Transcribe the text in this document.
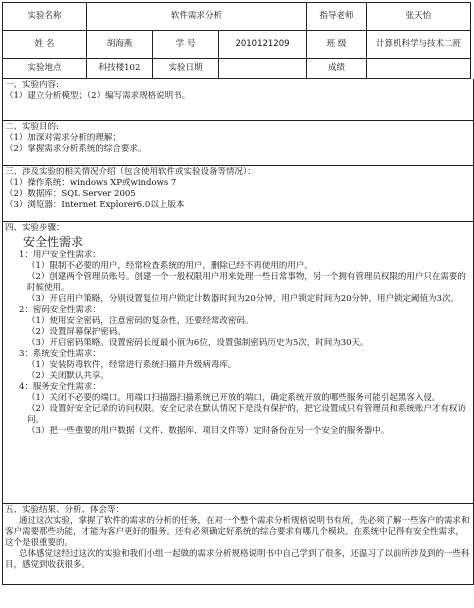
实验名称	软件需求分析			指导老师	张天怡
姓 名	胡海燕	学 号	2010121209	班 级	计算机科学与技术二班
实验地点	科技楼102	实验日期		成绩	
一、实验内容:
（1）建立分析模型；（2）编写需求规格说明书。
二、实验目的:
（1）加深对需求分析的理解；
（2）掌握需求分析系统的综合要求。
三、涉及实验的相关情况介绍（包含使用软件或实验设备等情况）：
（1）操作系统：windows XP或windows 7
（2）数据库：SQL Server 2005
（3）浏览器：Internet Explorer6.0以上版本
四、实验步骤：
安全性需求
1：用户安全性需求：
（1）限制不必要的用户，经常检查系统的用户，删除已经不再使用的用户。
（2）创建两个管理员账号。创建一个一般权限用户用来处理一些日常事物，另一个拥有管理员权限的用户只在需要的时候使用。
（3）开启用户策略，分别设置复位用户锁定计数器时间为20分钟，用户锁定时间为20分钟，用户锁定阈值为3次。
2：密码安全性需求：
（1）使用安全密码，注意密码的复杂性，还要经常改密码。
（2）设置屏幕保护密码。
（3）开启密码策略。设置密码长度最小值为6位，设置强制密码历史为5次，时间为30天。
3：系统安全性需求：
（1）安装防毒软件，经常进行系统扫描并升级病毒库。
（2）关闭默认共享。
4：服务安全性需求：
（1）关闭不必要的端口。用端口扫描器扫描系统已开放的端口，确定系统开放的哪些服务可能引起黑客入侵。
（2）设置好安全记录的访问权限。安全记录在默认情况下是没有保护的，把它设置成只有管理员和系统账户才有权访问。
（3）把一些重要的用户数据（文件、数据库、项目文件等）定时备份在另一个安全的服务器中。
五、实验结果、分析、体会等：
通过这次实验，掌握了软件的需求的分析的任务，在对一个整个需求分析规格说明书有所，先必须了解一些客户的需求和客户需要那些功能，才能为客户更好的服务。还有必须确定好系统的综合要求有哪几个模块。在系统中记得有安全性需求，这个是很重要的。
总体感觉这经过这次的实验和我们小组一起做的需求分析规格说明书中自己学到了很多，还温习了以前所涉及到的一些科目，感觉到收获很多。
